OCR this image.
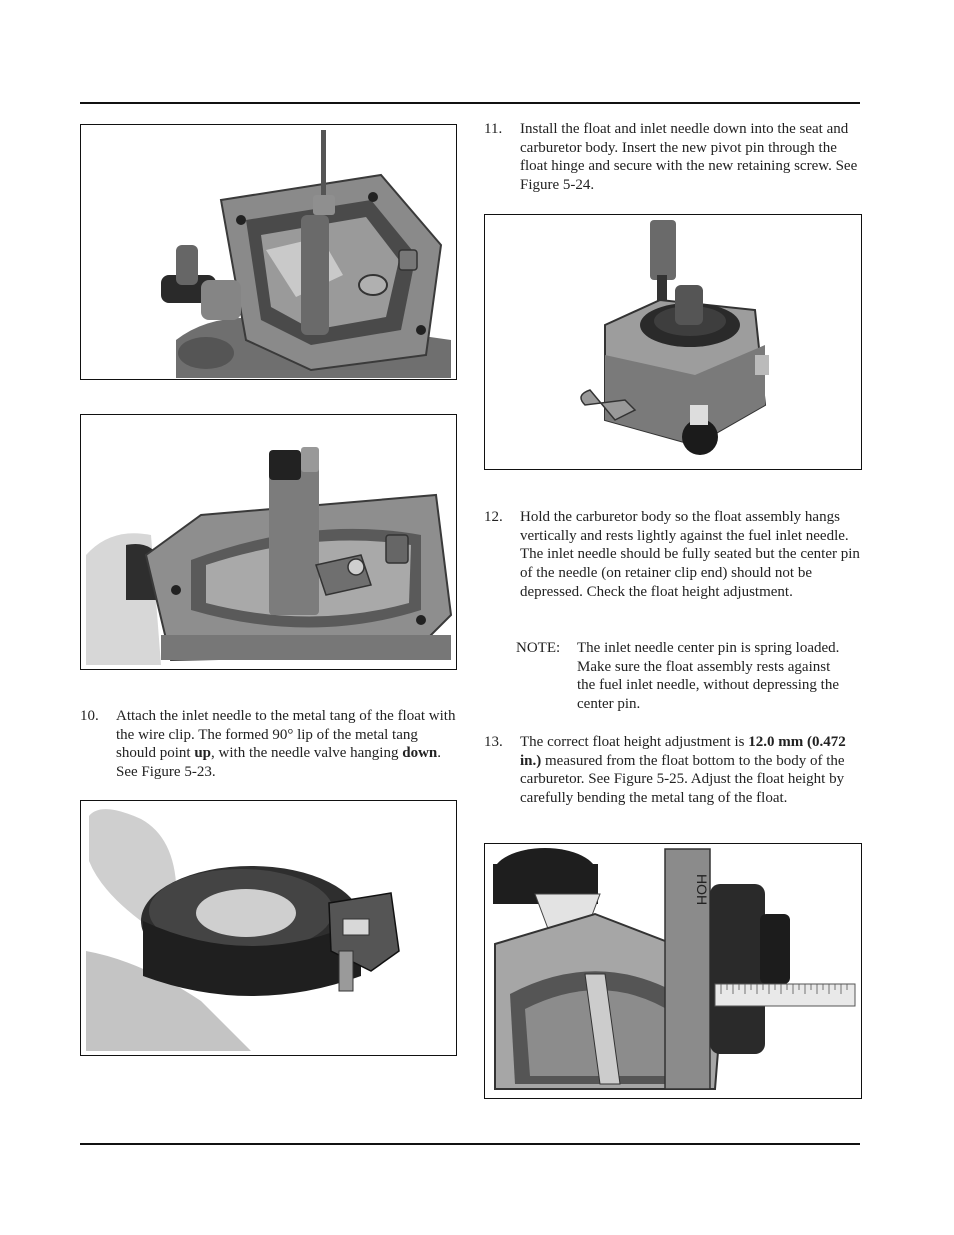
10. Attach the inlet needle to the metal tang of the float with the wire clip. The formed 90° lip of the metal tang should point up, with the needle valve hanging down. See Figure 5-23.
11. Install the float and inlet needle down into the seat and carburetor body. Insert the new pivot pin through the float hinge and secure with the new retaining screw. See Figure 5-24.
12. Hold the carburetor body so the float assembly hangs vertically and rests lightly against the fuel inlet needle. The inlet needle should be fully seated but the center pin of the needle (on retainer clip end) should not be depressed. Check the float height adjustment.
NOTE: The inlet needle center pin is spring loaded. Make sure the float assembly rests against the fuel inlet needle, without depressing the center pin.
13. The correct float height adjustment is 12.0 mm (0.472 in.) measured from the float bottom to the body of the carburetor. See Figure 5-25. Adjust the float height by carefully bending the metal tang of the float.
HOH
